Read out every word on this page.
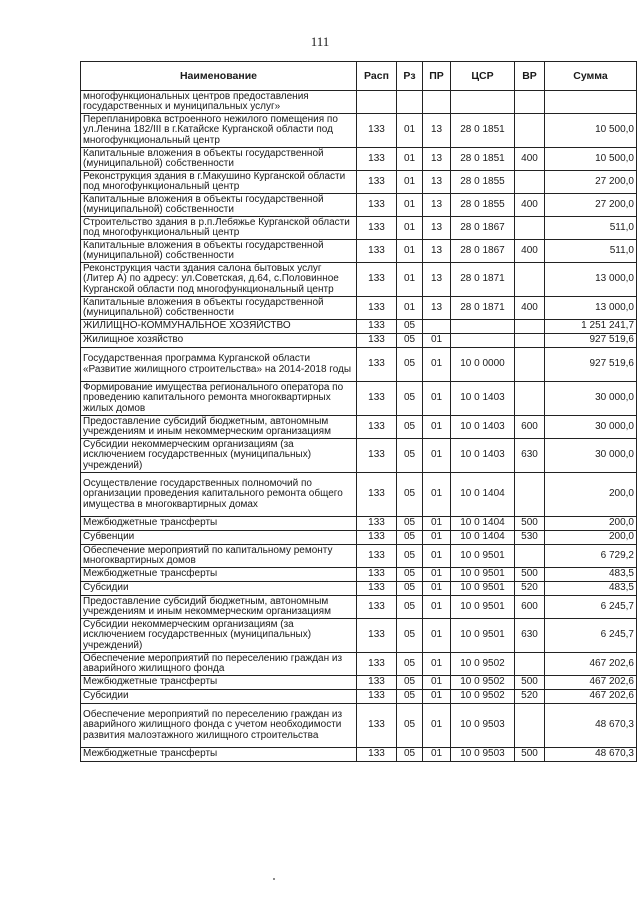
111
Наименование	Расп	Рз	ПР	ЦСР	ВР	Сумма
многофункциональных центров предоставления государственных и муниципальных услуг»						
Перепланировка встроенного нежилого помещения по ул.Ленина 182/III в г.Катайске Курганской области под многофункциональный центр	133	01	13	28 0 1851		10 500,0
Капитальные вложения в объекты государственной (муниципальной) собственности	133	01	13	28 0 1851	400	10 500,0
Реконструкция здания в г.Макушино Курганской области под многофункциональный центр	133	01	13	28 0 1855		27 200,0
Капитальные вложения в объекты государственной (муниципальной) собственности	133	01	13	28 0 1855	400	27 200,0
Строительство здания в р.п.Лебяжье Курганской области под многофункциональный центр	133	01	13	28 0 1867		511,0
Капитальные вложения в объекты государственной (муниципальной) собственности	133	01	13	28 0 1867	400	511,0
Реконструкция части здания салона бытовых услуг (Литер А) по адресу: ул.Советская, д.64, с.Половинное Курганской области под многофункциональный центр	133	01	13	28 0 1871		13 000,0
Капитальные вложения в объекты государственной (муниципальной) собственности	133	01	13	28 0 1871	400	13 000,0
ЖИЛИЩНО-КОММУНАЛЬНОЕ ХОЗЯЙСТВО	133	05				1 251 241,7
Жилищное хозяйство	133	05	01			927 519,6
Государственная программа Курганской области «Развитие жилищного строительства» на 2014-2018 годы	133	05	01	10 0 0000		927 519,6
Формирование имущества регионального оператора по проведению капитального ремонта многоквартирных жилых домов	133	05	01	10 0 1403		30 000,0
Предоставление субсидий бюджетным, автономным учреждениям и иным некоммерческим организациям	133	05	01	10 0 1403	600	30 000,0
Субсидии некоммерческим организациям (за исключением государственных (муниципальных) учреждений)	133	05	01	10 0 1403	630	30 000,0
Осуществление государственных полномочий по организации проведения капитального ремонта общего имущества в многоквартирных домах	133	05	01	10 0 1404		200,0
Межбюджетные трансферты	133	05	01	10 0 1404	500	200,0
Субвенции	133	05	01	10 0 1404	530	200,0
Обеспечение мероприятий по капитальному ремонту многоквартирных домов	133	05	01	10 0 9501		6 729,2
Межбюджетные трансферты	133	05	01	10 0 9501	500	483,5
Субсидии	133	05	01	10 0 9501	520	483,5
Предоставление субсидий бюджетным, автономным учреждениям и иным некоммерческим организациям	133	05	01	10 0 9501	600	6 245,7
Субсидии некоммерческим организациям (за исключением государственных (муниципальных) учреждений)	133	05	01	10 0 9501	630	6 245,7
Обеспечение мероприятий по переселению граждан из аварийного жилищного фонда	133	05	01	10 0 9502		467 202,6
Межбюджетные трансферты	133	05	01	10 0 9502	500	467 202,6
Субсидии	133	05	01	10 0 9502	520	467 202,6
Обеспечение мероприятий по переселению граждан из аварийного жилищного фонда с учетом необходимости развития малоэтажного жилищного строительства	133	05	01	10 0 9503		48 670,3
Межбюджетные трансферты	133	05	01	10 0 9503	500	48 670,3
